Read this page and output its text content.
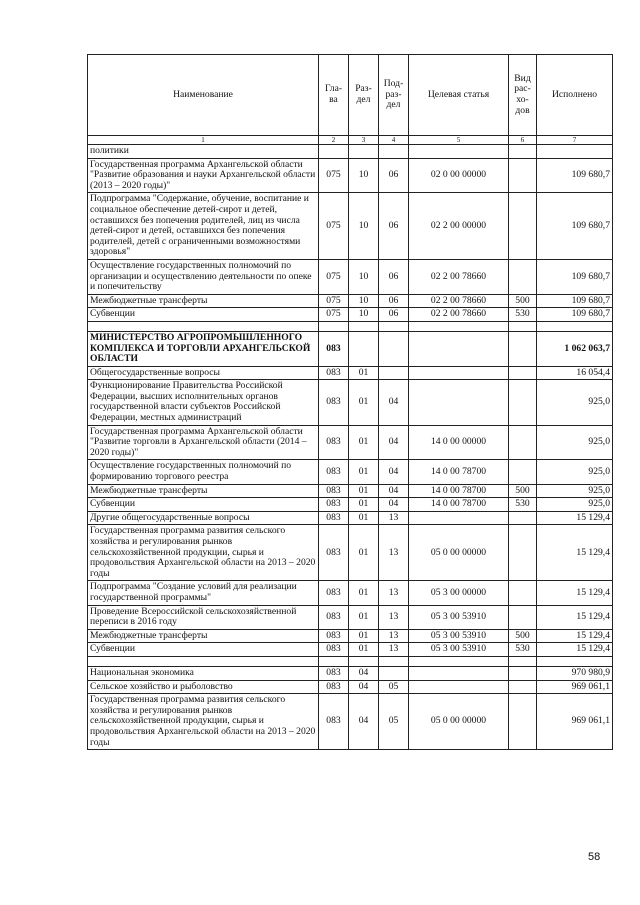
Наименование	Гла-ва	Раз-дел	Под-раз-дел	Целевая статья	Вид рас-хо-дов	Исполнено
1	2	3	4	5	6	7
политики						
Государственная программа Архангельской области "Развитие образования и науки Архангельской области (2013 – 2020 годы)"	075	10	06	02 0 00 00000		109 680,7
Подпрограмма "Содержание, обучение, воспитание и социальное обеспечение детей-сирот и детей, оставшихся без попечения родителей, лиц из числа детей-сирот и детей, оставшихся без попечения родителей, детей с ограниченными возможностями здоровья"	075	10	06	02 2 00 00000		109 680,7
Осуществление государственных полномочий по организации и осуществлению деятельности по опеке и попечительству	075	10	06	02 2 00 78660		109 680,7
Межбюджетные трансферты	075	10	06	02 2 00 78660	500	109 680,7
Субвенции	075	10	06	02 2 00 78660	530	109 680,7

МИНИСТЕРСТВО АГРОПРОМЫШЛЕННОГО КОМПЛЕКСА И ТОРГОВЛИ АРХАНГЕЛЬСКОЙ ОБЛАСТИ	083					1 062 063,7
Общегосударственные вопросы	083	01				16 054,4
Функционирование Правительства Российской Федерации, высших исполнительных органов государственной власти субъектов Российской Федерации, местных администраций	083	01	04			925,0
Государственная программа Архангельской области "Развитие торговли в Архангельской области (2014 – 2020 годы)"	083	01	04	14 0 00 00000		925,0
Осуществление государственных полномочий по формированию торгового реестра	083	01	04	14 0 00 78700		925,0
Межбюджетные трансферты	083	01	04	14 0 00 78700	500	925,0
Субвенции	083	01	04	14 0 00 78700	530	925,0
Другие общегосударственные вопросы	083	01	13			15 129,4
Государственная программа развития сельского хозяйства и регулирования рынков сельскохозяйственной продукции, сырья и продовольствия Архангельской области на 2013 – 2020 годы	083	01	13	05 0 00 00000		15 129,4
Подпрограмма "Создание условий для реализации государственной программы"	083	01	13	05 3 00 00000		15 129,4
Проведение Всероссийской сельскохозяйственной переписи в 2016 году	083	01	13	05 3 00 53910		15 129,4
Межбюджетные трансферты	083	01	13	05 3 00 53910	500	15 129,4
Субвенции	083	01	13	05 3 00 53910	530	15 129,4

Национальная экономика	083	04				970 980,9
Сельское хозяйство и рыболовство	083	04	05			969 061,1
Государственная программа развития сельского хозяйства и регулирования рынков сельскохозяйственной продукции, сырья и продовольствия Архангельской области на 2013 – 2020 годы	083	04	05	05 0 00 00000		969 061,1
58
